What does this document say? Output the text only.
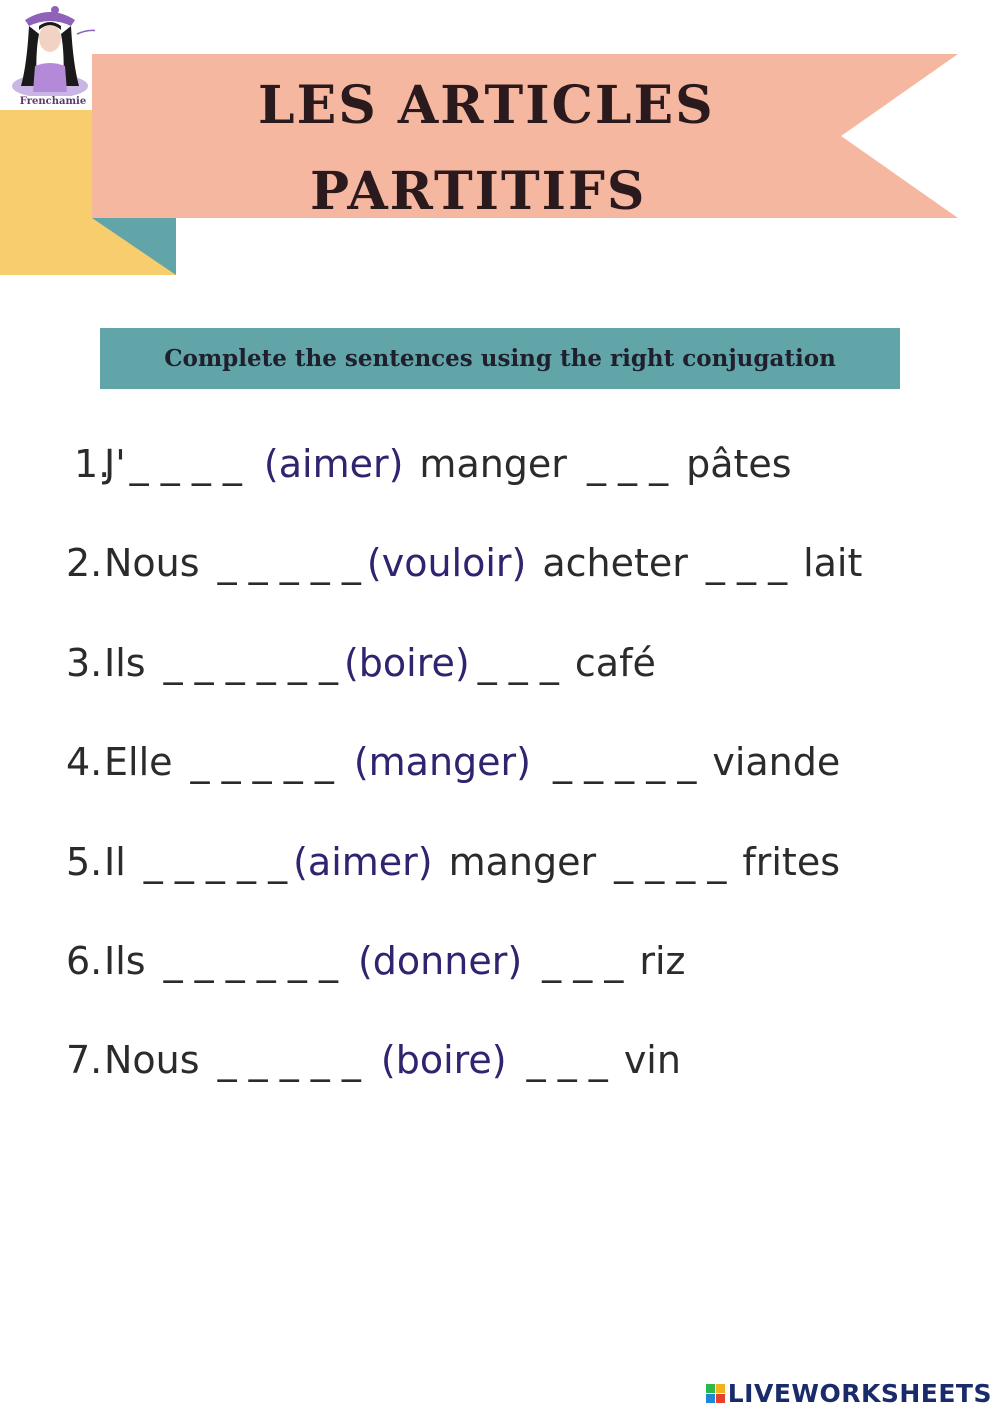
LES ARTICLES
PARTITIFS
Frenchamie
Complete the sentences using the right conjugation
1.
J' _ _ _ _ (aimer) manger _ _ _ pâtes
2. Nous _ _ _ _ _ (vouloir) acheter _ _ _ lait
3. Ils _ _ _ _ _ _ (boire) _ _ _ café
4. Elle _ _ _ _ _ (manger) _ _ _ _ _ viande
5. Il _ _ _ _ _ (aimer) manger _ _ _ _ frites
6. Ils _ _ _ _ _ _ (donner) _ _ _ riz
7. Nous _ _ _ _ _ (boire) _ _ _ vin
LIVEWORKSHEETS
